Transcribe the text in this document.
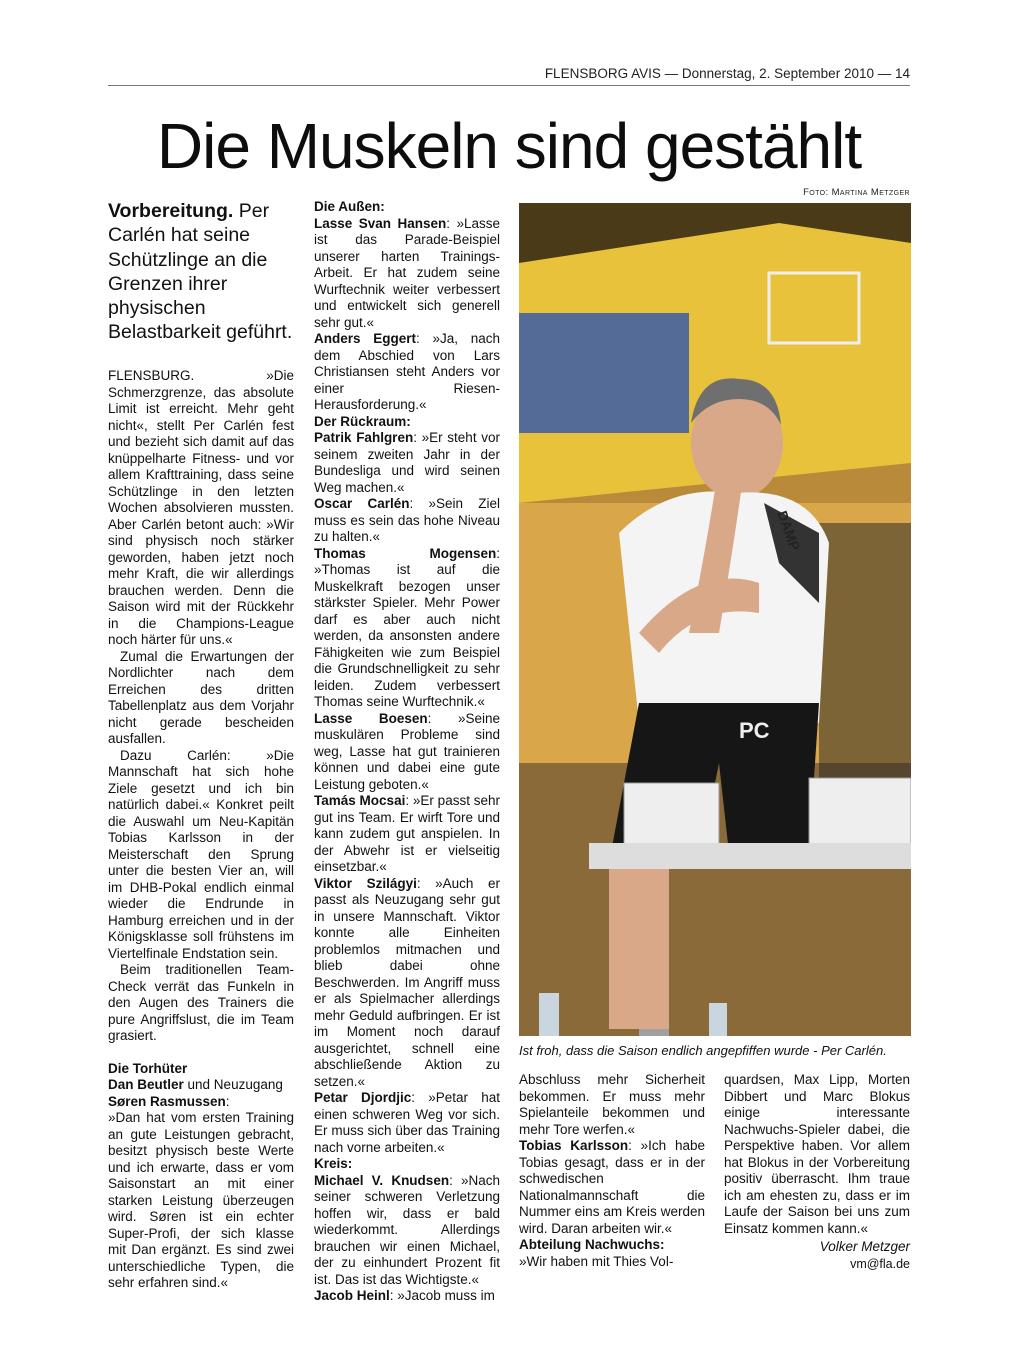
FLENSBORG AVIS — Donnerstag, 2. September 2010 — 14
Die Muskeln sind gestählt
Foto: Martina Metzger
Vorbereitung. Per Carlén hat seine Schützlinge an die Grenzen ihrer physischen Belastbarkeit geführt.

FLENSBURG. »Die Schmerzgrenze, das absolute Limit ist erreicht. Mehr geht nicht«, stellt Per Carlén fest und bezieht sich damit auf das knüppelharte Fitness- und vor allem Krafttraining, dass seine Schützlinge in den letzten Wochen absolvieren mussten. Aber Carlén betont auch: »Wir sind physisch noch stärker geworden, haben jetzt noch mehr Kraft, die wir allerdings brauchen werden. Denn die Saison wird mit der Rückkehr in die Champions-League noch härter für uns.«

Zumal die Erwartungen der Nordlichter nach dem Erreichen des dritten Tabellenplatz aus dem Vorjahr nicht gerade bescheiden ausfallen.

Dazu Carlén: »Die Mannschaft hat sich hohe Ziele gesetzt und ich bin natürlich dabei.« Konkret peilt die Auswahl um Neu-Kapitän Tobias Karlsson in der Meisterschaft den Sprung unter die besten Vier an, will im DHB-Pokal endlich einmal wieder die Endrunde in Hamburg erreichen und in der Königsklasse soll frühstens im Viertelfinale Endstation sein.

Beim traditionellen Team-Check verrät das Funkeln in den Augen des Trainers die pure Angriffslust, die im Team grasiert.

Die Torhüter

Dan Beutler und Neuzugang Søren Rasmussen:

»Dan hat vom ersten Training an gute Leistungen gebracht, besitzt physisch beste Werte und ich erwarte, dass er vom Saisonstart an mit einer starken Leistung überzeugen wird. Søren ist ein echter Super-Profi, der sich klasse mit Dan ergänzt. Es sind zwei unterschiedliche Typen, die sehr erfahren sind.«

Die Außen:

Lasse Svan Hansen: »Lasse ist das Parade-Beispiel unserer harten Trainings-Arbeit. Er hat zudem seine Wurftechnik weiter verbessert und entwickelt sich generell sehr gut.«

Anders Eggert: »Ja, nach dem Abschied von Lars Christiansen steht Anders vor einer Riesen-Herausforderung.«

Der Rückraum:

Patrik Fahlgren: »Er steht vor seinem zweiten Jahr in der Bundesliga und wird seinen Weg machen.«

Oscar Carlén: »Sein Ziel muss es sein das hohe Niveau zu halten.«

Thomas Mogensen: »Thomas ist auf die Muskelkraft bezogen unser stärkster Spieler. Mehr Power darf es aber auch nicht werden, da ansonsten andere Fähigkeiten wie zum Beispiel die Grundschnelligkeit zu sehr leiden. Zudem verbessert Thomas seine Wurftechnik.«

Lasse Boesen: »Seine muskulären Probleme sind weg, Lasse hat gut trainieren können und dabei eine gute Leistung geboten.«

Tamás Mocsai: »Er passt sehr gut ins Team. Er wirft Tore und kann zudem gut anspielen. In der Abwehr ist er vielseitig einsetzbar.«

Viktor Szilágyi: »Auch er passt als Neuzugang sehr gut in unsere Mannschaft. Viktor konnte alle Einheiten problemlos mitmachen und blieb dabei ohne Beschwerden. Im Angriff muss er als Spielmacher allerdings mehr Geduld aufbringen. Er ist im Moment noch darauf ausgerichtet, schnell eine abschließende Aktion zu setzen.«

Petar Djordjic: »Petar hat einen schweren Weg vor sich. Er muss sich über das Training nach vorne arbeiten.«

Kreis:

Michael V. Knudsen: »Nach seiner schweren Verletzung hoffen wir, dass er bald wiederkommt. Allerdings brauchen wir einen Michael, der zu einhundert Prozent fit ist. Das ist das Wichtigste.«

Jacob Heinl: »Jacob muss im

PC
DAMP
Ist froh, dass die Saison endlich angepfiffen wurde - Per Carlén.

Abschluss mehr Sicherheit bekommen. Er muss mehr Spielanteile bekommen und mehr Tore werfen.«

Tobias Karlsson: »Ich habe Tobias gesagt, dass er in der schwedischen Nationalmannschaft die Nummer eins am Kreis werden wird. Daran arbeiten wir.«

Abteilung Nachwuchs:

»Wir haben mit Thies Vol-

quardsen, Max Lipp, Morten Dibbert und Marc Blokus einige interessante Nachwuchs-Spieler dabei, die Perspektive haben. Vor allem hat Blokus in der Vorbereitung positiv überrascht. Ihm traue ich am ehesten zu, dass er im Laufe der Saison bei uns zum Einsatz kommen kann.«

Volker Metzger

vm@fla.de
